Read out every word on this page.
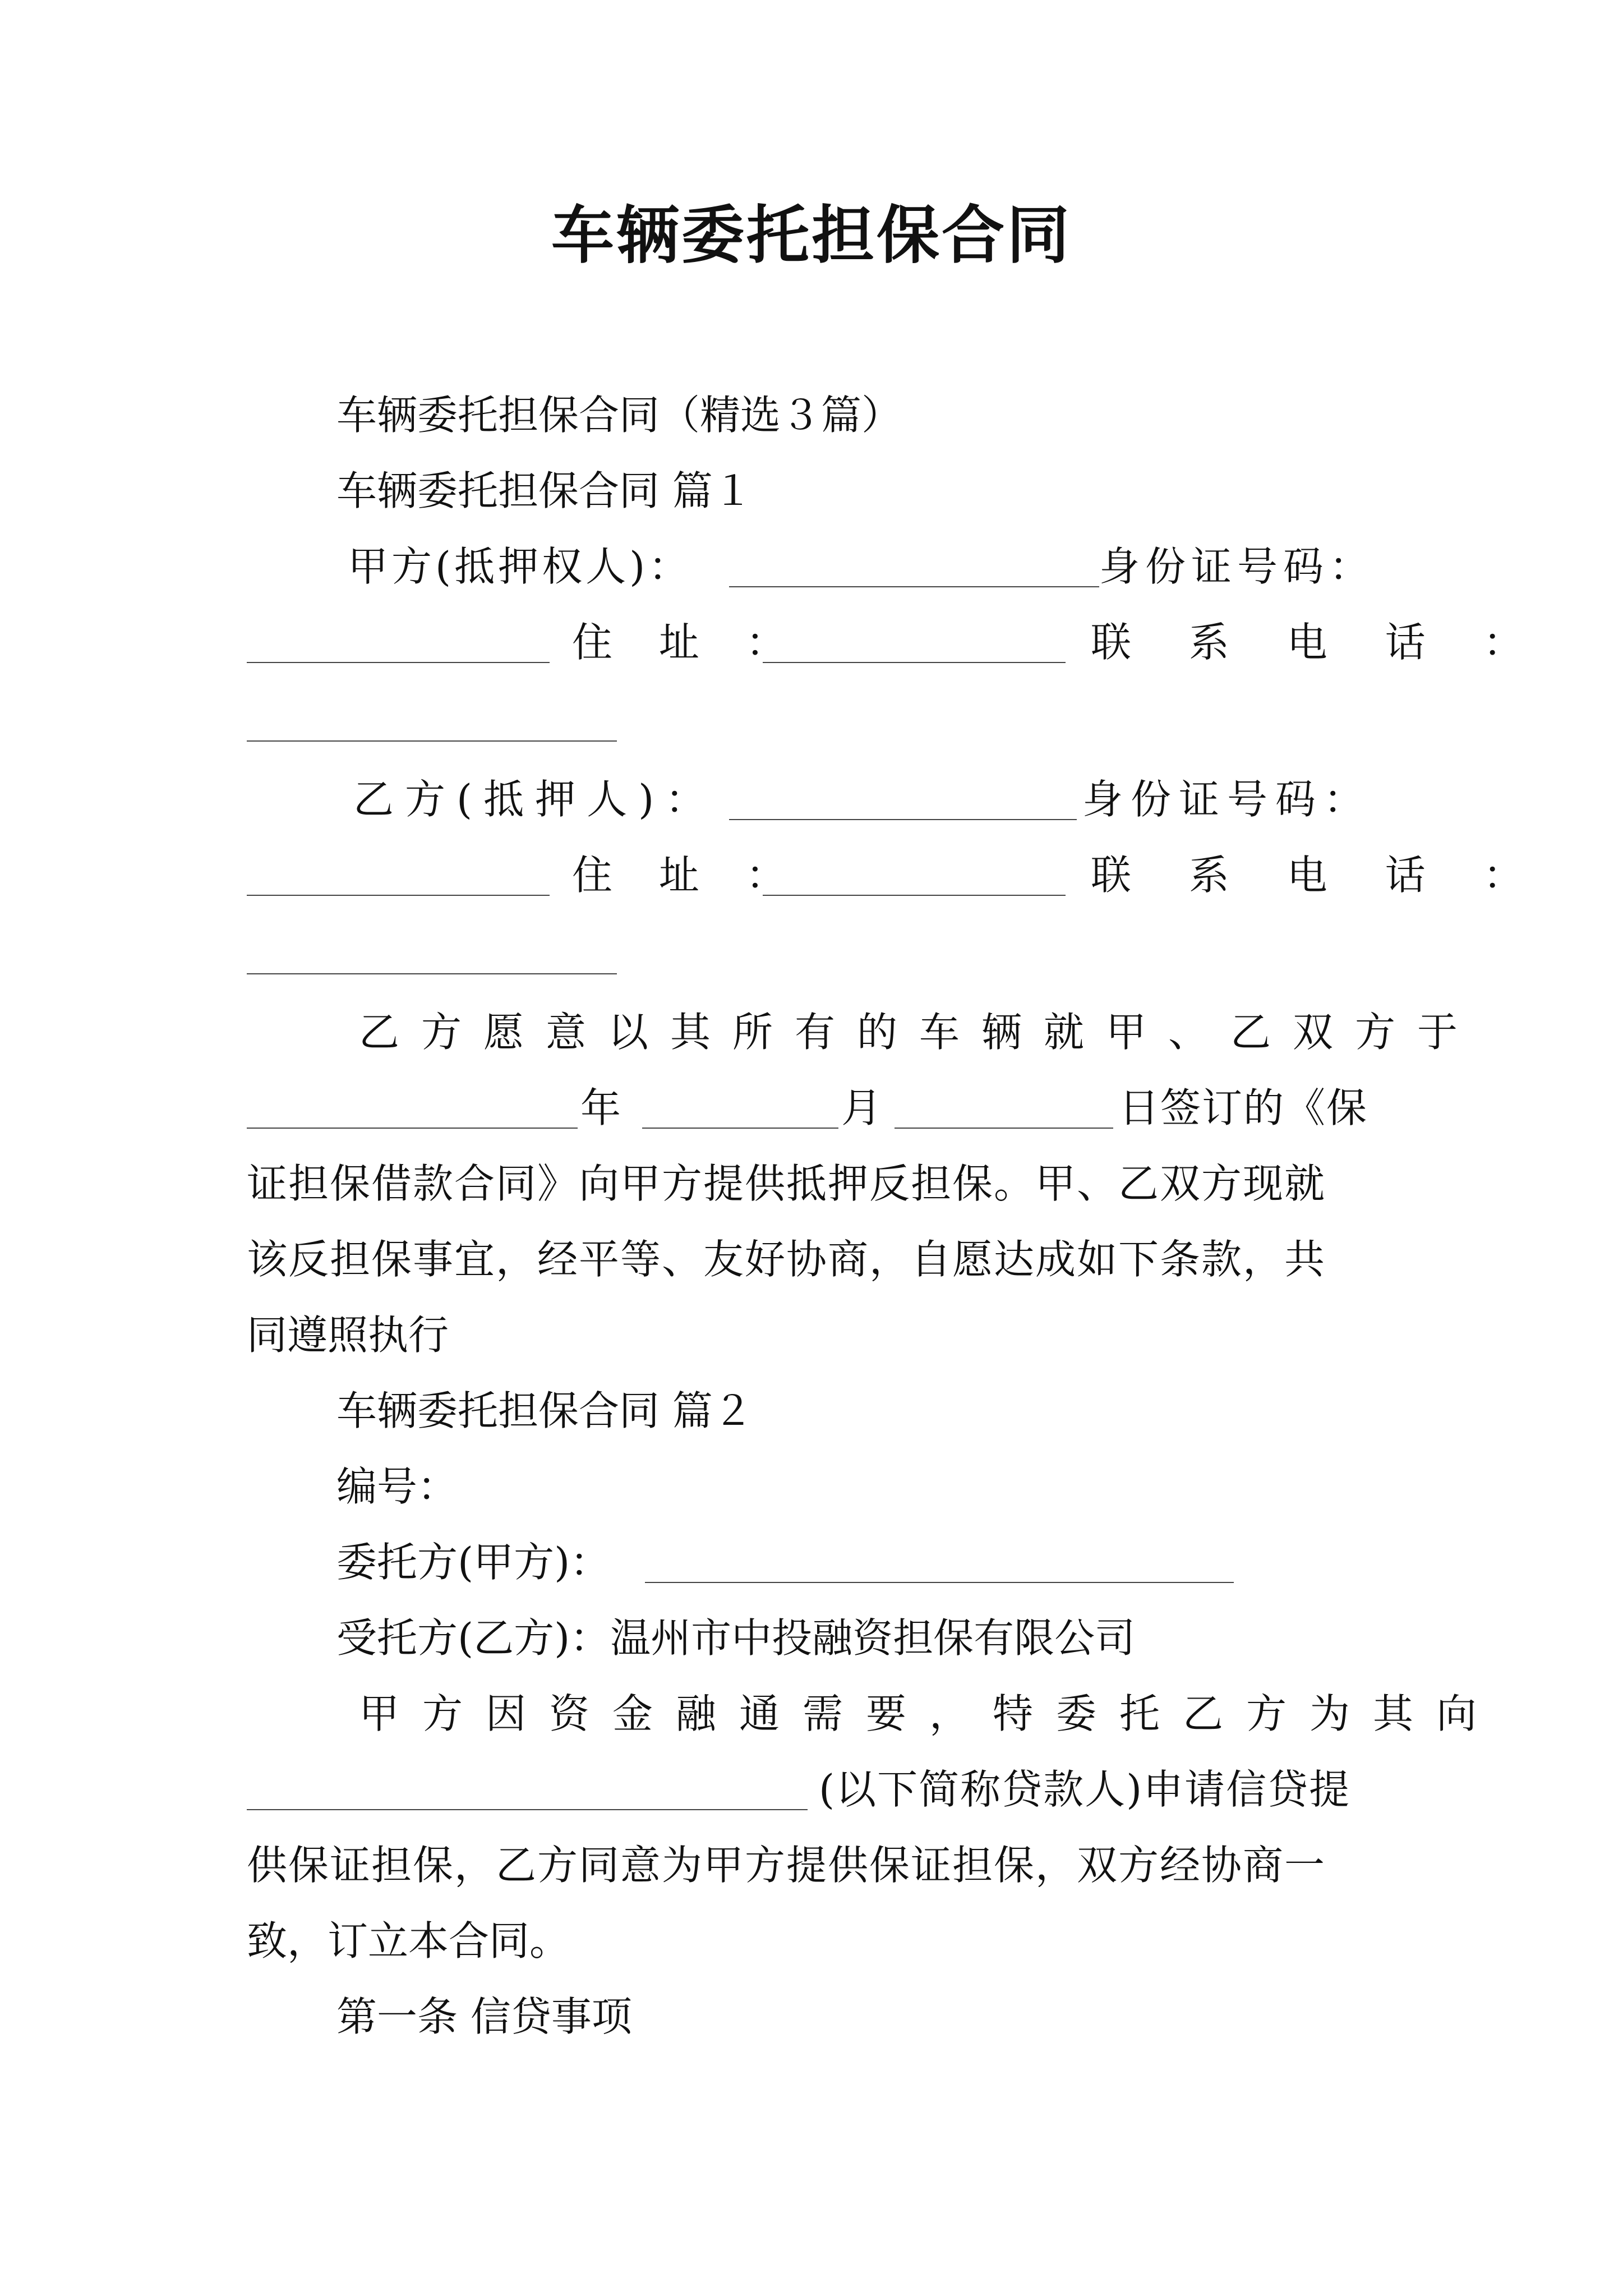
车辆委托担保合同
车辆委托担保合同（精选３篇）
车辆委托担保合同 篇１
甲方(抵押权人)：	身份证号码：
住 址 ：	联 系 电 话 ：
乙方(抵押人)：	身份证号码：
住 址 ：	联 系 电 话 ：
乙方愿意以其所有的车辆就甲、乙双方于
年	月	日签订的《保
证担保借款合同》向甲方提供抵押反担保。甲、乙双方现就
该反担保事宜，经平等、友好协商，自愿达成如下条款，共
同遵照执行
车辆委托担保合同 篇２
编号：
委托方(甲方)：
受托方(乙方)：温州市中投融资担保有限公司
甲方因资金融通需要，特委托乙方为其向
(以下简称贷款人)申请信贷提
供保证担保，乙方同意为甲方提供保证担保，双方经协商一
致，订立本合同。
第一条 信贷事项
